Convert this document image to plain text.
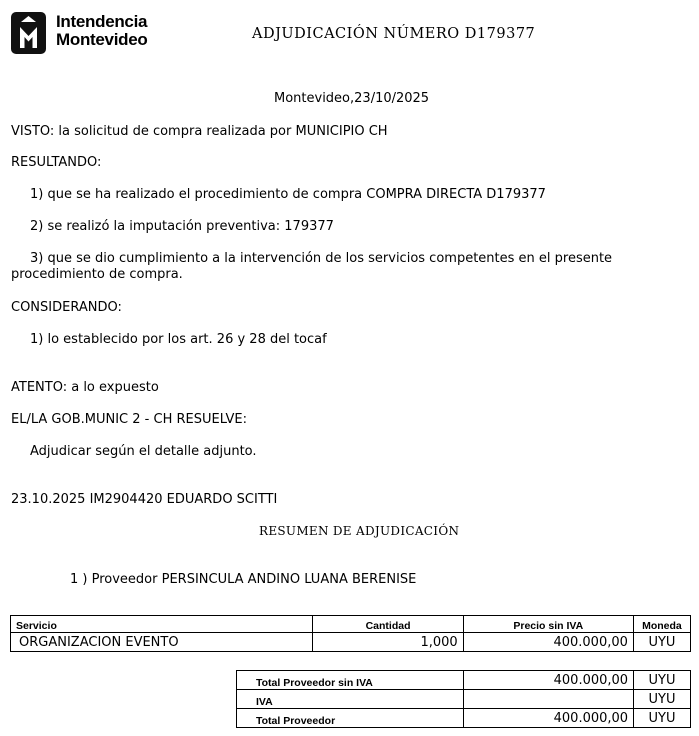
Intendencia
Montevideo	ADJUDICACIÓN NÚMERO D179377
Montevideo,23/10/2025
VISTO: la solicitud de compra realizada por MUNICIPIO CH
RESULTANDO:
1) que se ha realizado el procedimiento de compra COMPRA DIRECTA D179377
2) se realizó la imputación preventiva: 179377
3) que se dio cumplimiento a la intervención de los servicios competentes en el presente
procedimiento de compra.
CONSIDERANDO:
1) lo establecido por los art. 26 y 28 del tocaf
ATENTO: a lo expuesto
EL/LA GOB.MUNIC 2 - CH RESUELVE:
Adjudicar según el detalle adjunto.
23.10.2025 IM2904420 EDUARDO SCITTI
RESUMEN DE ADJUDICACIÓN
1 ) Proveedor PERSINCULA ANDINO LUANA BERENISE
Servicio	Cantidad	Precio sin IVA	Moneda
ORGANIZACION EVENTO	1,000	400.000,00	UYU
Total Proveedor sin IVA	400.000,00	UYU
IVA		UYU
Total Proveedor	400.000,00	UYU
